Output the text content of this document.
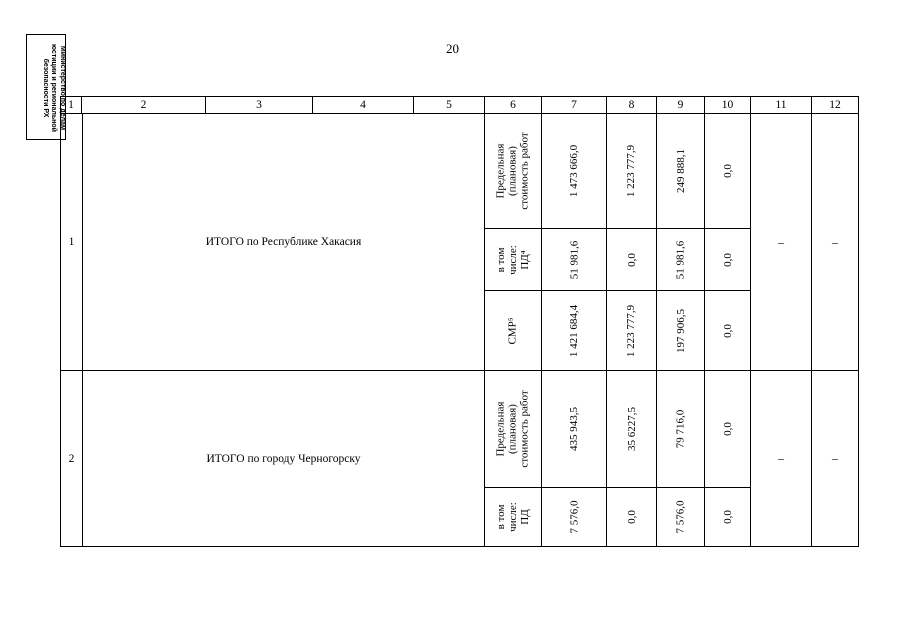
20
Министерство по делам
юстиции и региональной
безопасности РХ	1	2	3	4	5	6	7	8	9	10	11	12
1	ИТОГО по Республике Хакасия
Предельная (плановая) стоимость работ	1 473 666,0	1 223 777,9	249 888,1	0,0
в том числе: ПД⁴	51 981,6	0,0	51 981,6	0,0
СМР⁵	1 421 684,4	1 223 777,9	197 906,5	0,0
–	–
2	ИТОГО по городу Черногорску
Предельная (плановая) стоимость работ	435 943,5	35 6227,5	79 716,0	0,0
в том числе: ПД	7 576,0	0,0	7 576,0	0,0
–	–
